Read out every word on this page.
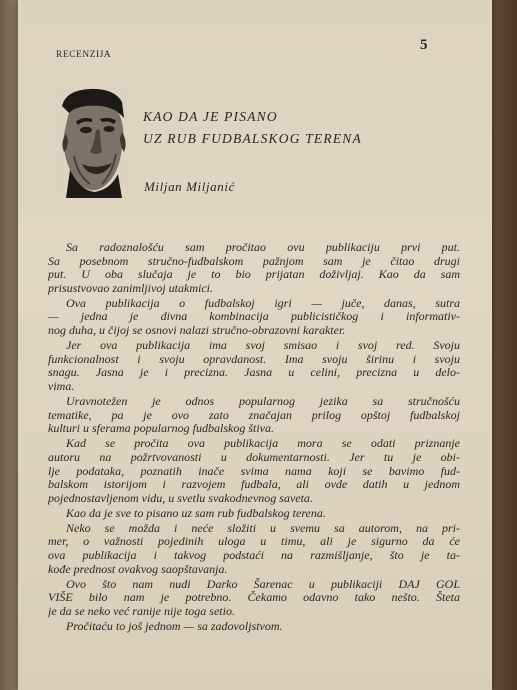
RECENZIJA
5
KAO DA JE PISANO
UZ RUB FUDBALSKOG TERENA
Miljan Miljanić

Sa radoznalošću sam pročitao ovu publikaciju prvi put.
Sa posebnom stručno-fudbalskom pažnjom sam je čitao drugi
put. U oba slučaja je to bio prijatan doživljaj. Kao da sam
prisustvovao zanimljivoj utakmici.

Ova publikacija o fudbalskoj igri — juče, danas, sutra
— jedna je divna kombinacija publicističkog i informativ-
nog duha, u čijoj se osnovi nalazi stručno-obrazovni karakter.

Jer ova publikacija ima svoj smisao i svoj red. Svoju
funkcionalnost i svoju opravdanost. Ima svoju širinu i svoju
snagu. Jasna je i precizna. Jasna u celini, precizna u delo-
vima.

Uravnotežen je odnos popularnog jezika sa stručnošću
tematike, pa je ovo zato značajan prilog opštoj fudbalskoj
kulturi u sferama popularnog fudbalskog štiva.

Kad se pročita ova publikacija mora se odati priznanje
autoru na požrtvovanosti u dokumentarnosti. Jer tu je obi-
lje podataka, poznatih inače svima nama koji se bavimo fud-
balskom istorijom i razvojem fudbala, ali ovde datih u jednom
pojednostavljenom vidu, u svetlu svakodnevnog saveta.

Kao da je sve to pisano uz sam rub fudbalskog terena.

Neko se možda i neće složiti u svemu sa autorom, na pri-
mer, o važnosti pojedinih uloga u timu, ali je sigurno da će
ova publikacija i takvog podstaći na razmišljanje, što je ta-
kođe prednost ovakvog saopštavanja.

Ovo što nam nudi Darko Šarenac u publikaciji DAJ GOL
VIŠE bilo nam je potrebno. Čekamo odavno tako nešto. Šteta
je da se neko već ranije nije toga setio.

Pročitaću to još jednom — sa zadovoljstvom.
